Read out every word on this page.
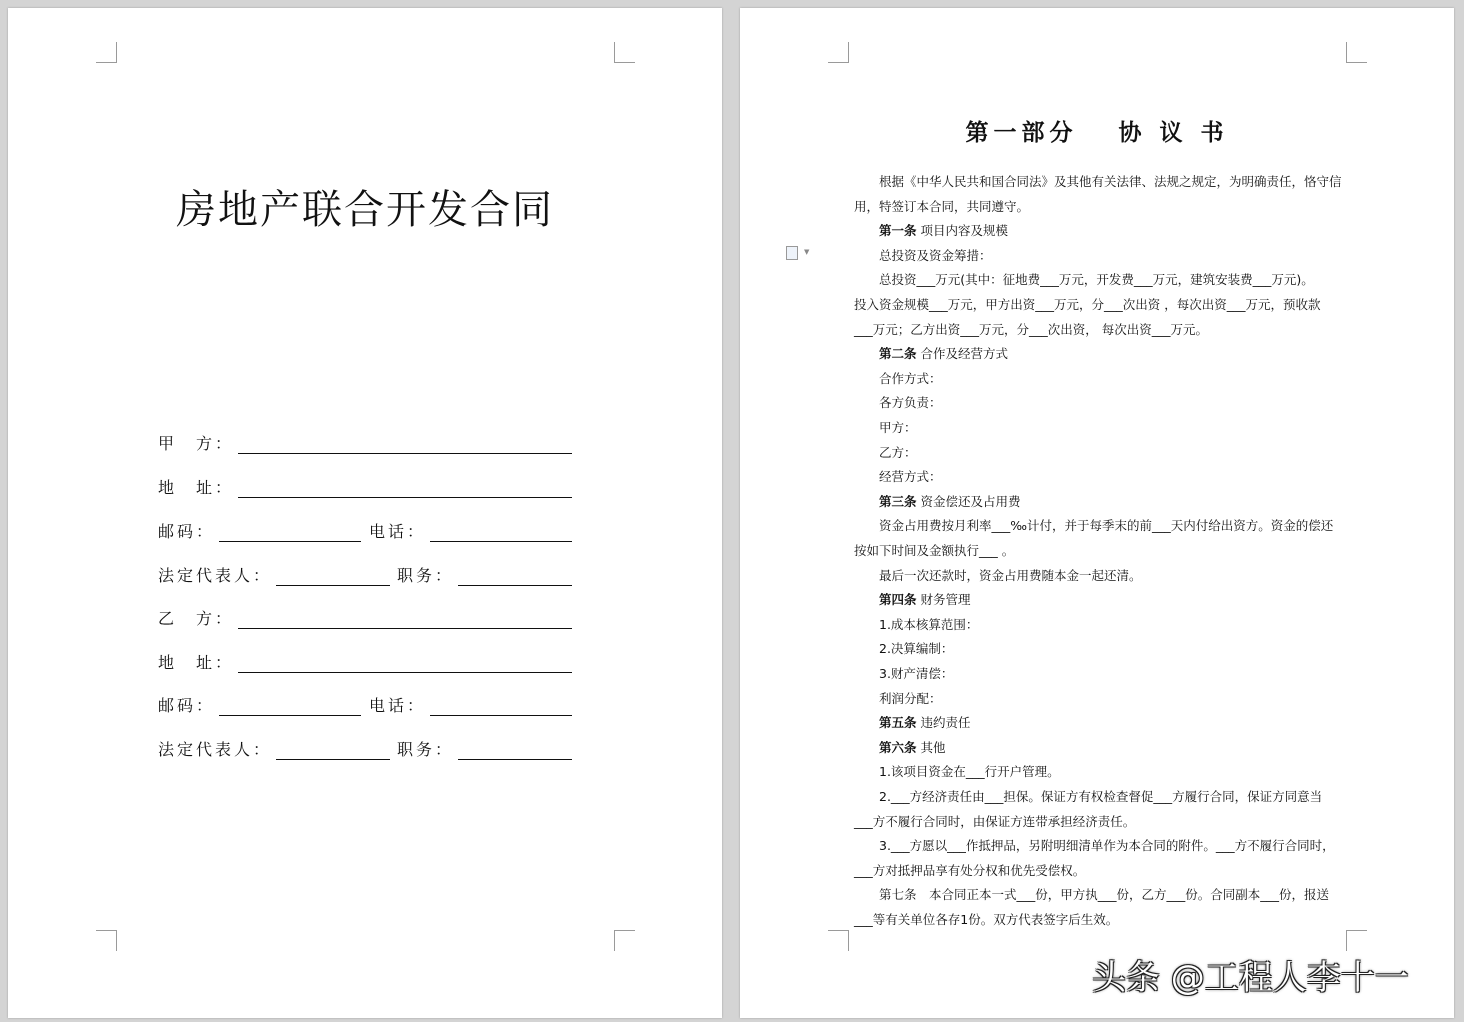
房地产联合开发合同
甲　方：
地　址：
邮码：	电话：
法定代表人：	职务：
乙　方：
地　址：
邮码：	电话：
法定代表人：	职务：
▼
第一部分　 协 议 书
根据《中华人民共和国合同法》及其他有关法律、法规之规定，为明确责任，恪守信
用，特签订本合同，共同遵守。
第一条 项目内容及规模
总投资及资金筹措：
总投资___万元(其中：征地费___万元，开发费___万元，建筑安装费___万元)。
投入资金规模___万元，甲方出资___万元，分___次出资 ，每次出资___万元，预收款
___万元；乙方出资___万元，分___次出资， 每次出资___万元。
第二条 合作及经营方式
合作方式：
各方负责：
甲方：
乙方：
经营方式：
第三条 资金偿还及占用费
资金占用费按月利率___‰计付，并于每季末的前___天内付给出资方。资金的偿还
按如下时间及金额执行___ 。
最后一次还款时，资金占用费随本金一起还清。
第四条 财务管理
1.成本核算范围：
2.决算编制：
3.财产清偿：
利润分配：
第五条 违约责任
第六条 其他
1.该项目资金在___行开户管理。
2.___方经济责任由___担保。保证方有权检查督促___方履行合同，保证方同意当
___方不履行合同时，由保证方连带承担经济责任。
3.___方愿以___作抵押品，另附明细清单作为本合同的附件。___方不履行合同时，
___方对抵押品享有处分权和优先受偿权。
第七条　本合同正本一式___份，甲方执___份，乙方___份。合同副本___份，报送
___等有关单位各存1份。双方代表签字后生效。
头条 @工程人李十一
